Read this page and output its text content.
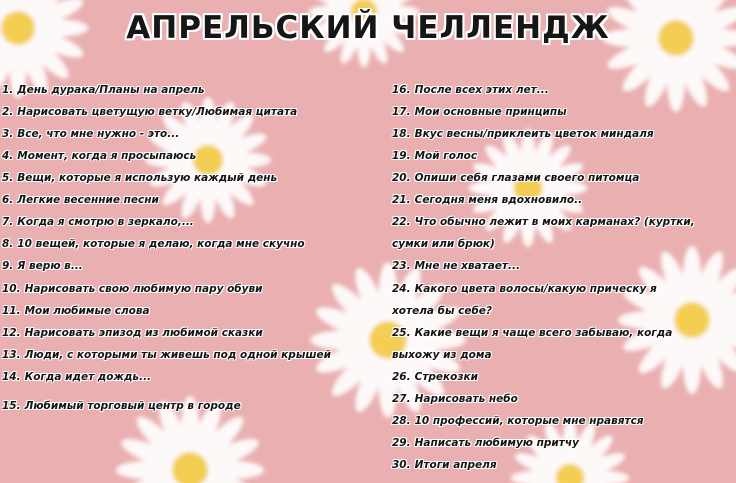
АПРЕЛЬСКИЙ ЧЕЛЛЕНДЖ
1. День дурака/Планы на апрель
2. Нарисовать цветущую ветку/Любимая цитата
3. Все, что мне нужно - это...
4. Момент, когда я просыпаюсь
5. Вещи, которые я использую каждый день
6. Легкие весенние песни
7. Когда я смотрю в зеркало,...
8. 10 вещей, которые я делаю, когда мне скучно
9. Я верю в...
10. Нарисовать свою любимую пару обуви
11. Мои любимые слова
12. Нарисовать эпизод из любимой сказки
13. Люди, с которыми ты живешь под одной крышей
14. Когда идет дождь...
15. Любимый торговый центр в городе
16. После всех этих лет...
17. Мои основные принципы
18. Вкус весны/приклеить цветок миндаля
19. Мой голос
20. Опиши себя глазами своего питомца
21. Сегодня меня вдохновило..
22. Что обычно лежит в моих карманах? (куртки,
сумки или брюк)
23. Мне не хватает...
24. Какого цвета волосы/какую прическу я
хотела бы себе?
25. Какие вещи я чаще всего забываю, когда
выхожу из дома
26. Стрекозки
27. Нарисовать небо
28. 10 профессий, которые мне нравятся
29. Написать любимую притчу
30. Итоги апреля
